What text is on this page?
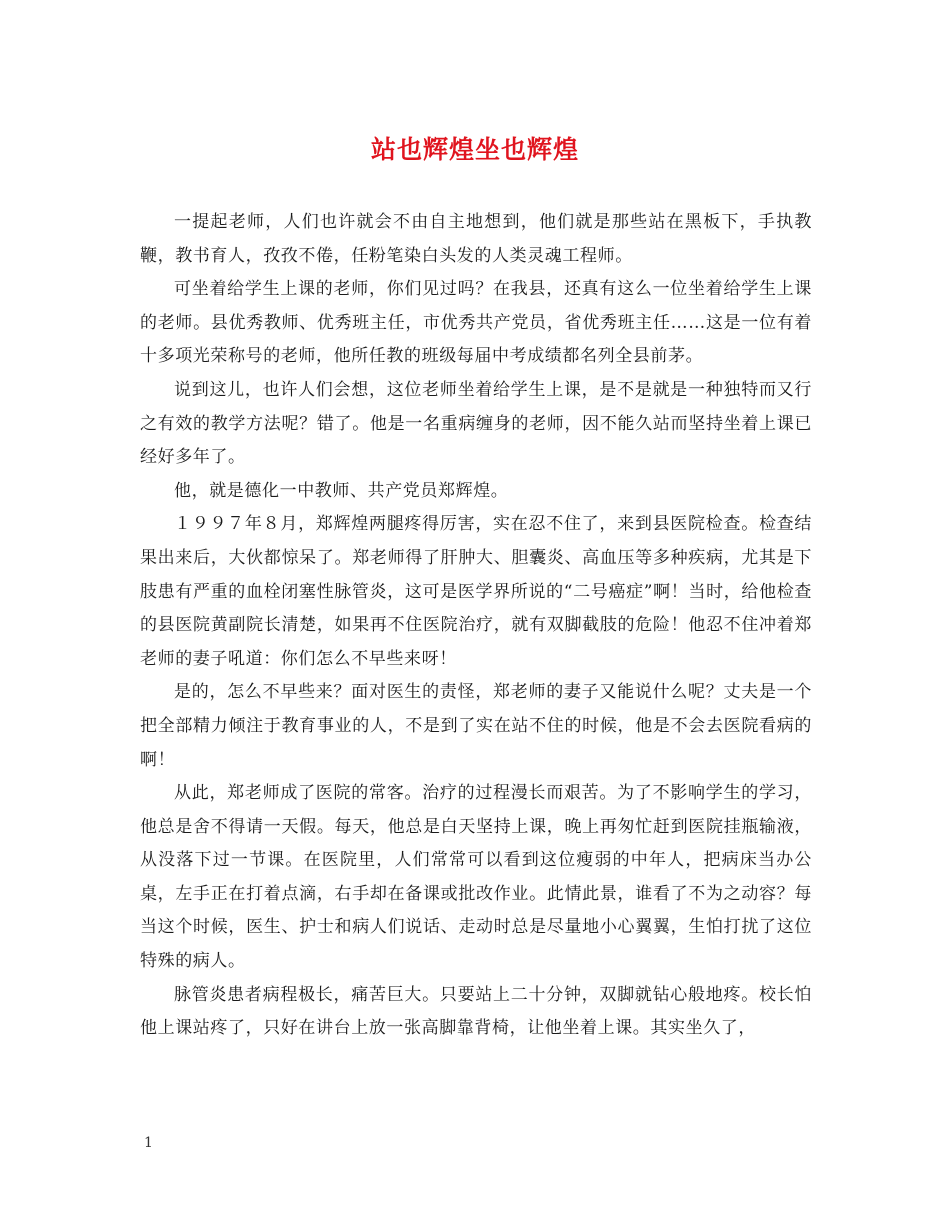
站也辉煌坐也辉煌

一提起老师，人们也许就会不由自主地想到，他们就是那些站在黑板下，手执教鞭，教书育人，孜孜不倦，任粉笔染白头发的人类灵魂工程师。

可坐着给学生上课的老师，你们见过吗？在我县，还真有这么一位坐着给学生上课的老师。县优秀教师、优秀班主任，市优秀共产党员，省优秀班主任……这是一位有着十多项光荣称号的老师，他所任教的班级每届中考成绩都名列全县前茅。

说到这儿，也许人们会想，这位老师坐着给学生上课，是不是就是一种独特而又行之有效的教学方法呢？错了。他是一名重病缠身的老师，因不能久站而坚持坐着上课已经好多年了。

他，就是德化一中教师、共产党员郑辉煌。

１９９７年８月，郑辉煌两腿疼得厉害，实在忍不住了，来到县医院检查。检查结果出来后，大伙都惊呆了。郑老师得了肝肿大、胆囊炎、高血压等多种疾病，尤其是下肢患有严重的血栓闭塞性脉管炎，这可是医学界所说的“二号癌症”啊！当时，给他检查的县医院黄副院长清楚，如果再不住医院治疗，就有双脚截肢的危险！他忍不住冲着郑老师的妻子吼道：你们怎么不早些来呀！

是的，怎么不早些来？面对医生的责怪，郑老师的妻子又能说什么呢？丈夫是一个把全部精力倾注于教育事业的人，不是到了实在站不住的时候，他是不会去医院看病的啊！

从此，郑老师成了医院的常客。治疗的过程漫长而艰苦。为了不影响学生的学习，他总是舍不得请一天假。每天，他总是白天坚持上课，晚上再匆忙赶到医院挂瓶输液，从没落下过一节课。在医院里，人们常常可以看到这位瘦弱的中年人，把病床当办公桌，左手正在打着点滴，右手却在备课或批改作业。此情此景，谁看了不为之动容？每当这个时候，医生、护士和病人们说话、走动时总是尽量地小心翼翼，生怕打扰了这位特殊的病人。

脉管炎患者病程极长，痛苦巨大。只要站上二十分钟，双脚就钻心般地疼。校长怕他上课站疼了，只好在讲台上放一张高脚靠背椅，让他坐着上课。其实坐久了，

1
